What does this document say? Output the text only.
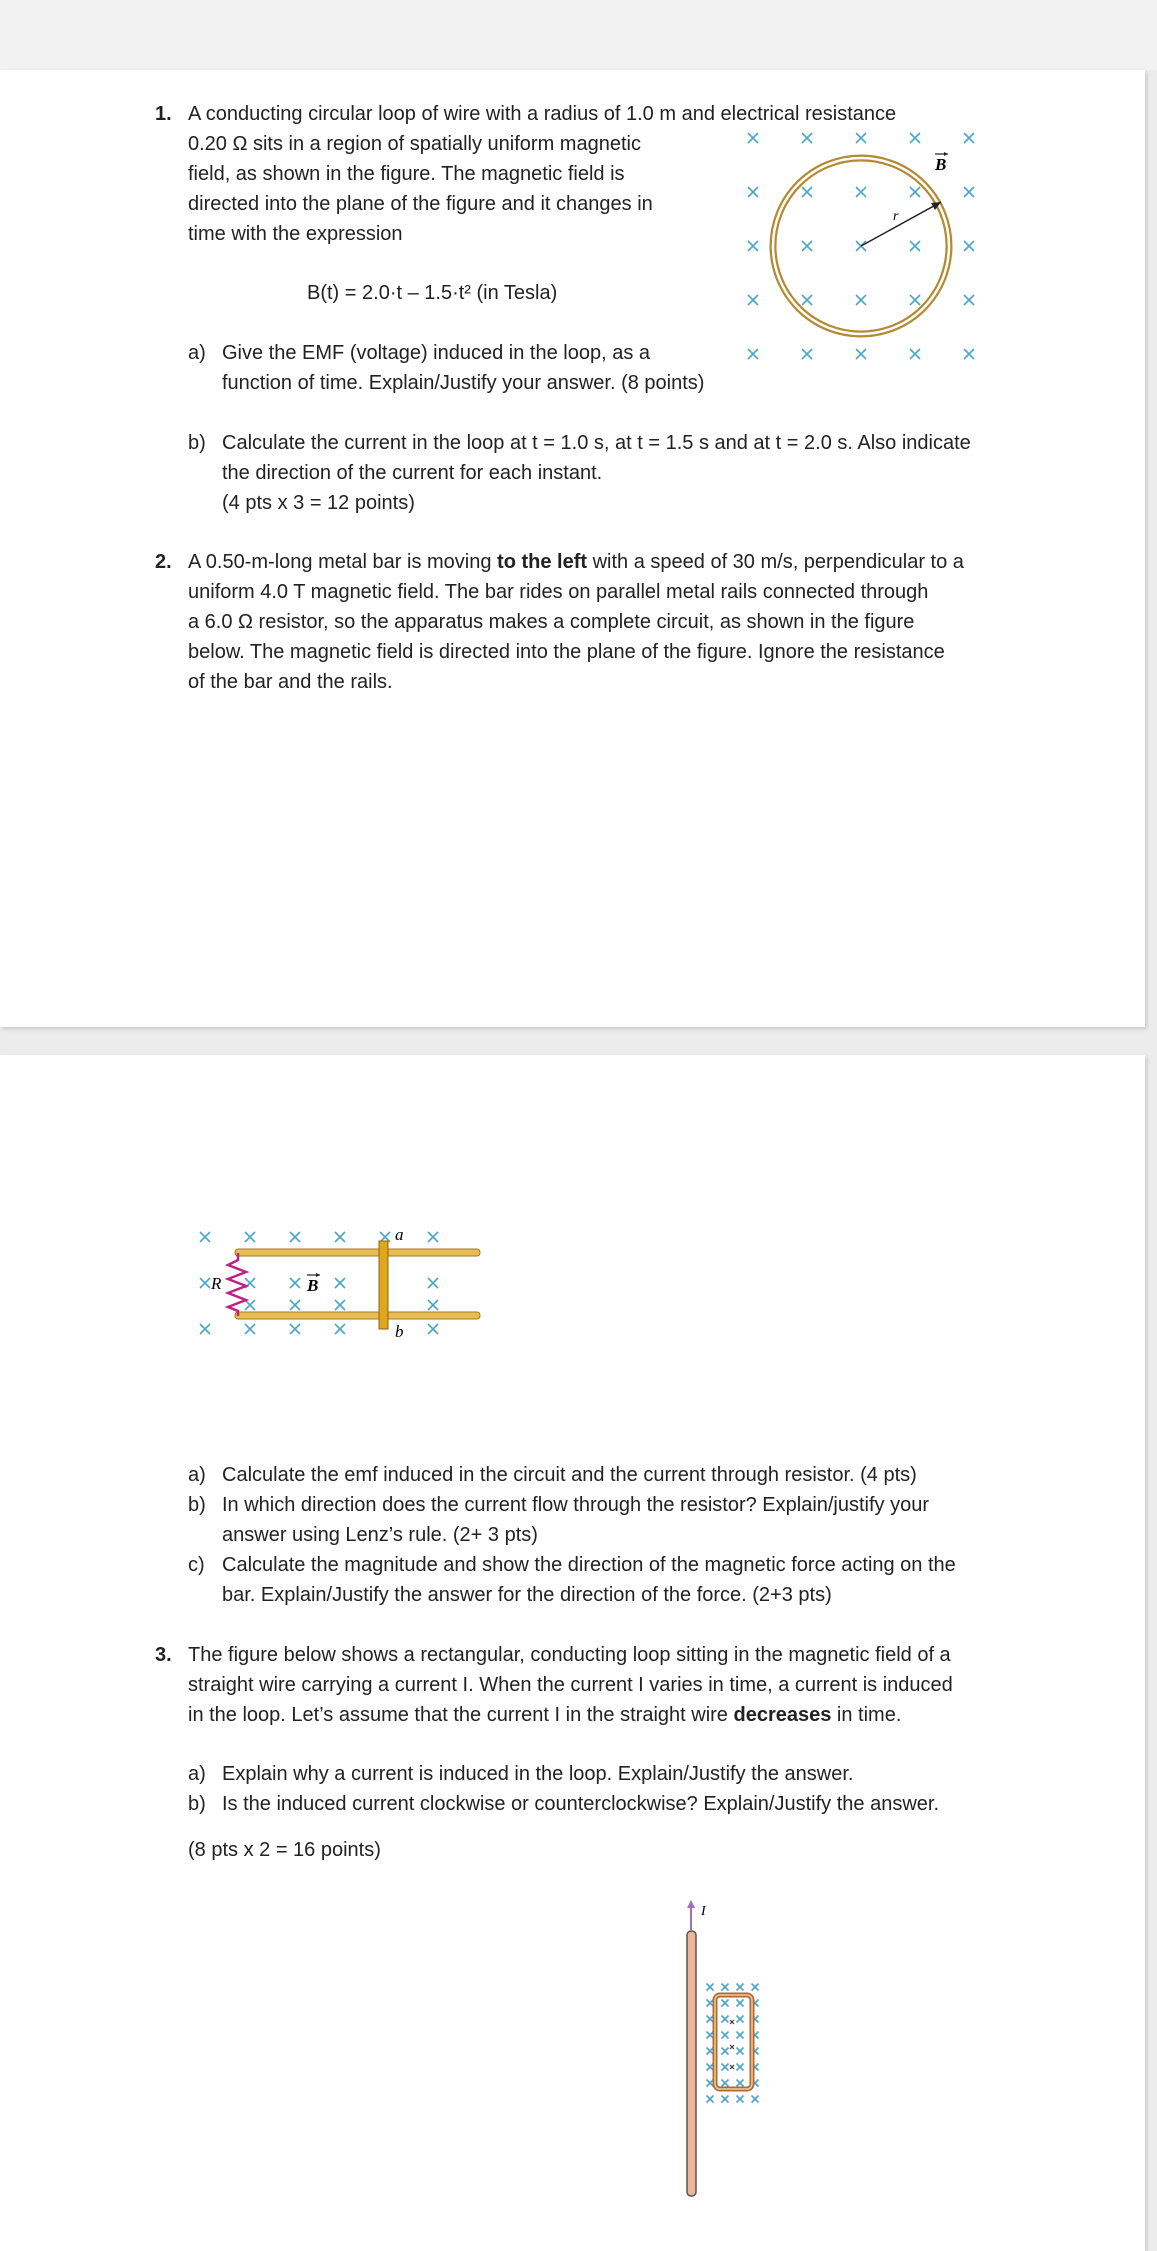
1. A conducting circular loop of wire with a radius of 1.0 m and electrical resistance
0.20 Ω sits in a region of spatially uniform magnetic
field, as shown in the figure. The magnetic field is
directed into the plane of the figure and it changes in
time with the expression
B(t) = 2.0·t – 1.5·t² (in Tesla)
a) Give the EMF (voltage) induced in the loop, as a
function of time. Explain/Justify your answer. (8 points)
b) Calculate the current in the loop at t = 1.0 s, at t = 1.5 s and at t = 2.0 s. Also indicate
the direction of the current for each instant.
(4 pts x 3 = 12 points)
r
B
2. A 0.50-m-long metal bar is moving to the left with a speed of 30 m/s, perpendicular to a
uniform 4.0 T magnetic field. The bar rides on parallel metal rails connected through
a 6.0 Ω resistor, so the apparatus makes a complete circuit, as shown in the figure
below. The magnetic field is directed into the plane of the figure. Ignore the resistance
of the bar and the rails.
R	B
a
b
a) Calculate the emf induced in the circuit and the current through resistor. (4 pts)
b) In which direction does the current flow through the resistor? Explain/justify your
answer using Lenz’s rule. (2+ 3 pts)
c) Calculate the magnitude and show the direction of the magnetic force acting on the
bar. Explain/Justify the answer for the direction of the force. (2+3 pts)
3. The figure below shows a rectangular, conducting loop sitting in the magnetic field of a
straight wire carrying a current I. When the current I varies in time, a current is induced
in the loop. Let’s assume that the current I in the straight wire decreases in time.
a) Explain why a current is induced in the loop. Explain/Justify the answer.
b) Is the induced current clockwise or counterclockwise? Explain/Justify the answer.
(8 pts x 2 = 16 points)
I
